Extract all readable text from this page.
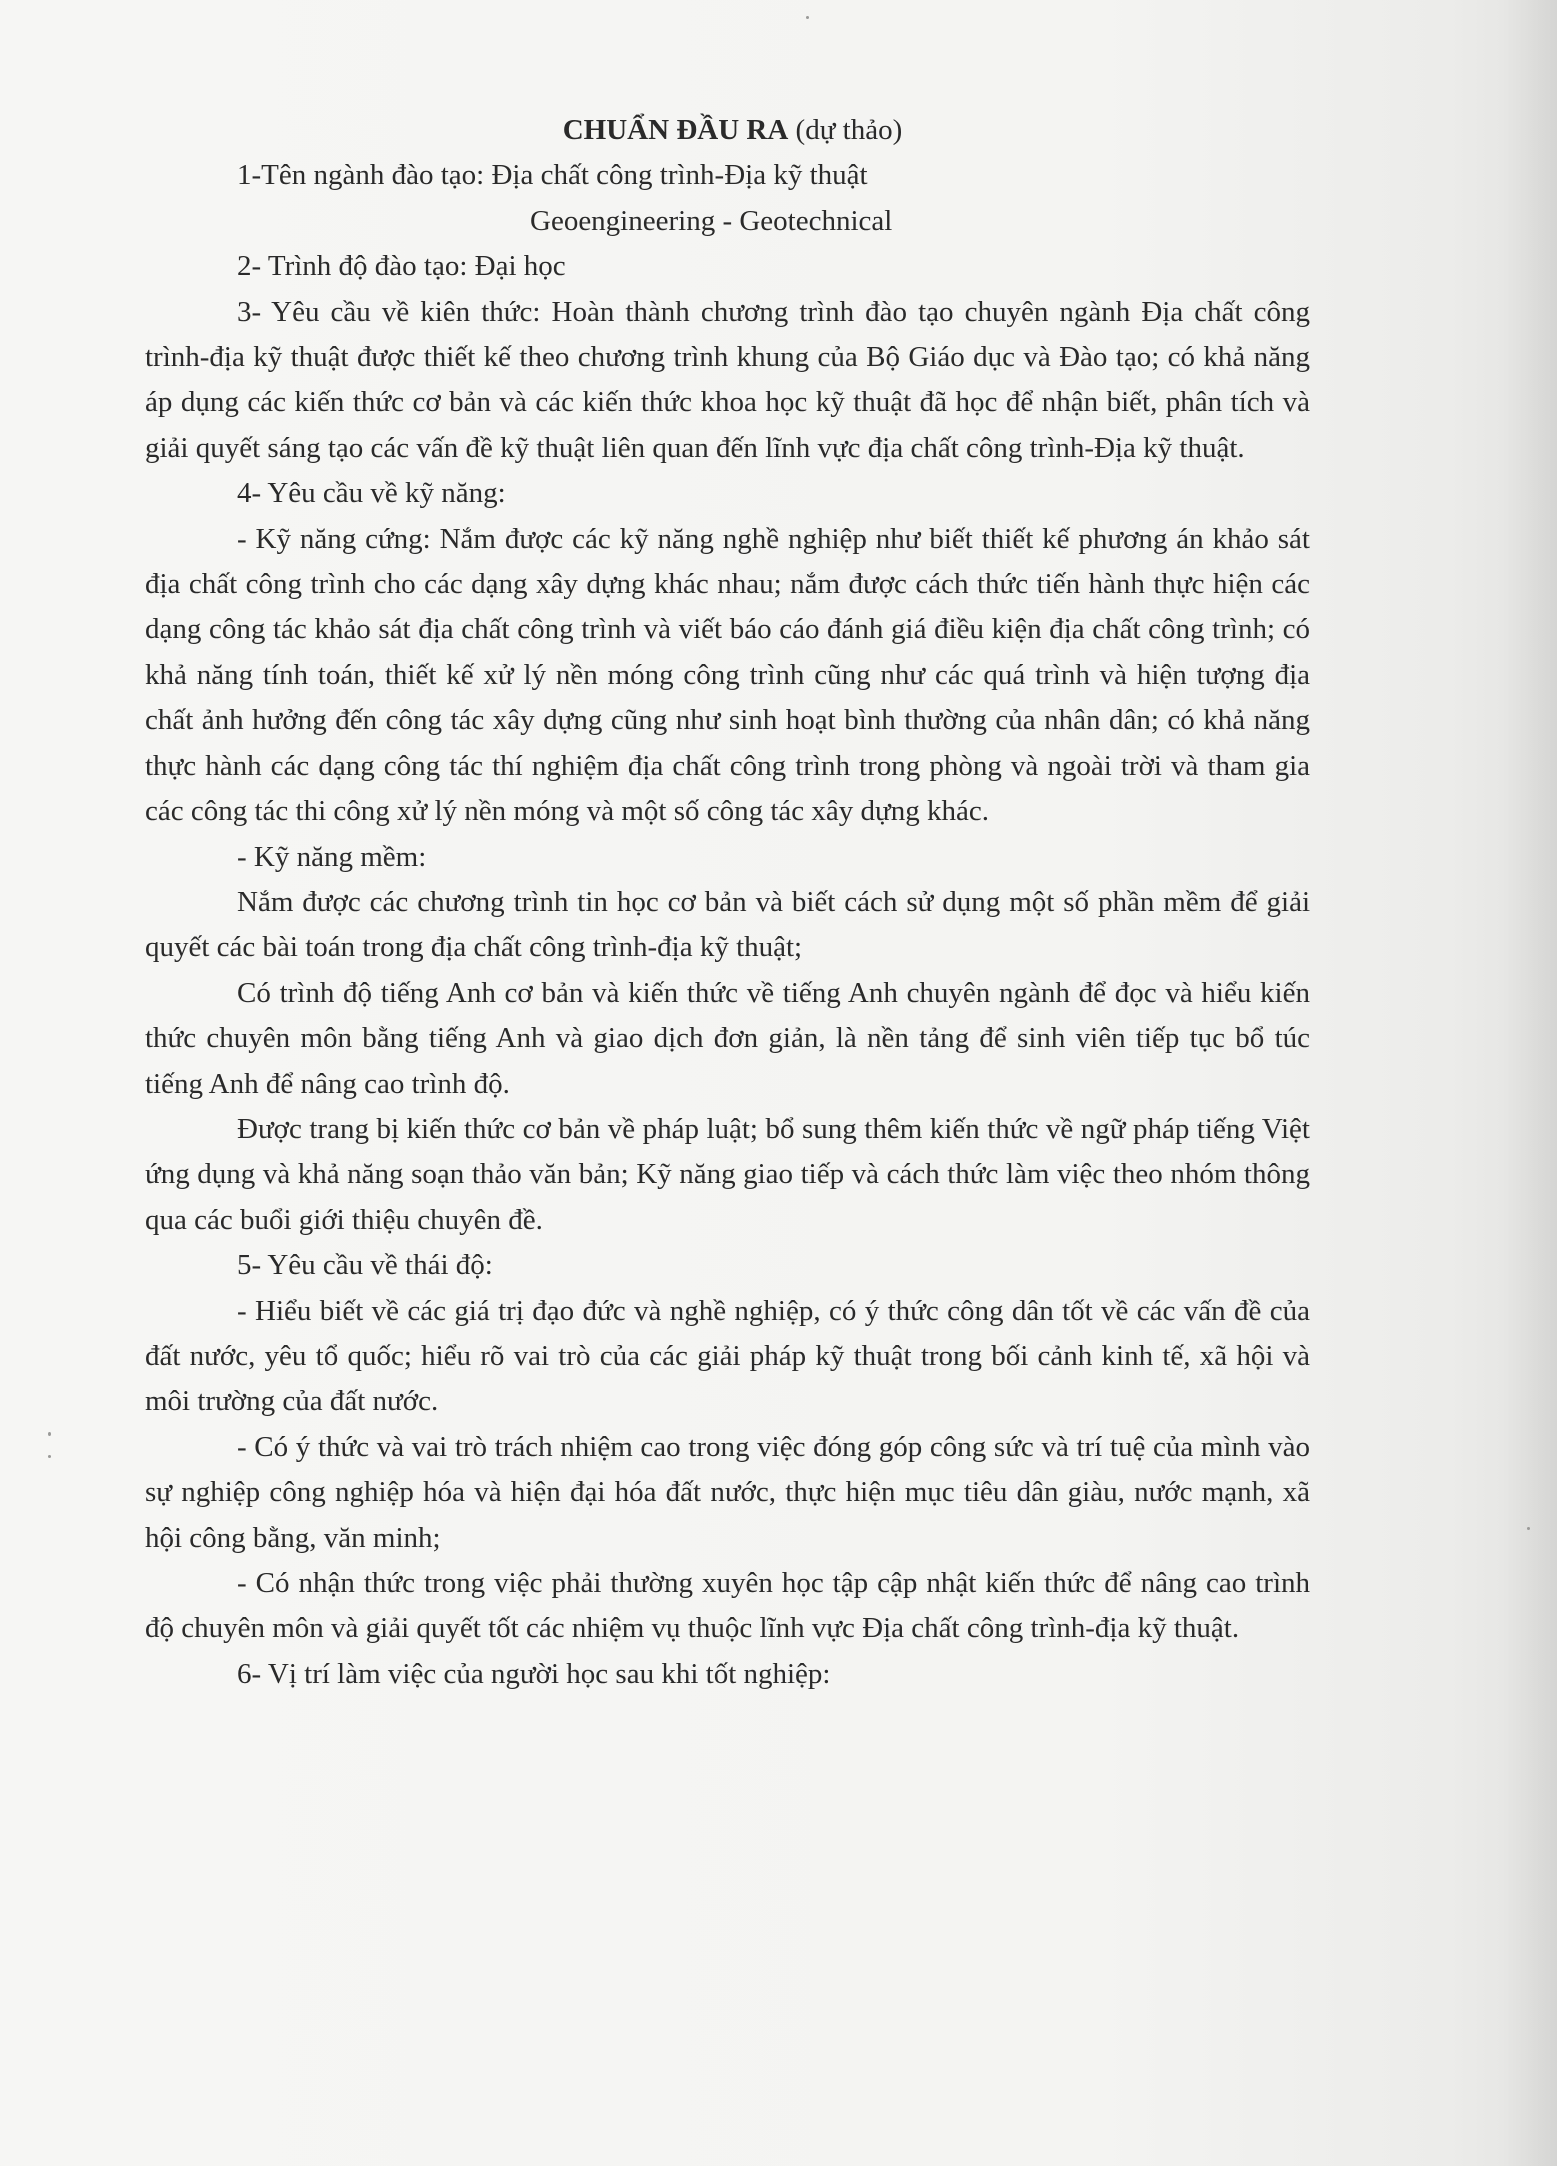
CHUẨN ĐẦU RA (dự thảo)

1-Tên ngành đào tạo: Địa chất công trình-Địa kỹ thuật

Geoengineering - Geotechnical

2- Trình độ đào tạo: Đại học

3- Yêu cầu về kiên thức: Hoàn thành chương trình đào tạo chuyên ngành Địa chất công trình-địa kỹ thuật được thiết kế theo chương trình khung của Bộ Giáo dục và Đào tạo; có khả năng áp dụng các kiến thức cơ bản và các kiến thức khoa học kỹ thuật đã học để nhận biết, phân tích và giải quyết sáng tạo các vấn đề kỹ thuật liên quan đến lĩnh vực địa chất công trình-Địa kỹ thuật.

4- Yêu cầu về kỹ năng:

- Kỹ năng cứng: Nắm được các kỹ năng nghề nghiệp như biết thiết kế phương án khảo sát địa chất công trình cho các dạng xây dựng khác nhau; nắm được cách thức tiến hành thực hiện các dạng công tác khảo sát địa chất công trình và viết báo cáo đánh giá điều kiện địa chất công trình; có khả năng tính toán, thiết kế xử lý nền móng công trình cũng như các quá trình và hiện tượng địa chất ảnh hưởng đến công tác xây dựng cũng như sinh hoạt bình thường của nhân dân; có khả năng thực hành các dạng công tác thí nghiệm địa chất công trình trong phòng và ngoài trời và tham gia các công tác thi công xử lý nền móng và một số công tác xây dựng khác.

- Kỹ năng mềm:

Nắm được các chương trình tin học cơ bản và biết cách sử dụng một số phần mềm để giải quyết các bài toán trong địa chất công trình-địa kỹ thuật;

Có trình độ tiếng Anh cơ bản và kiến thức về tiếng Anh chuyên ngành để đọc và hiểu kiến thức chuyên môn bằng tiếng Anh và giao dịch đơn giản, là nền tảng để sinh viên tiếp tục bổ túc tiếng Anh để nâng cao trình độ.

Được trang bị kiến thức cơ bản về pháp luật; bổ sung thêm kiến thức về ngữ pháp tiếng Việt ứng dụng và khả năng soạn thảo văn bản; Kỹ năng giao tiếp và cách thức làm việc theo nhóm thông qua các buổi giới thiệu chuyên đề.

5- Yêu cầu về thái độ:

- Hiểu biết về các giá trị đạo đức và nghề nghiệp, có ý thức công dân tốt về các vấn đề của đất nước, yêu tổ quốc; hiểu rõ vai trò của các giải pháp kỹ thuật trong bối cảnh kinh tế, xã hội và môi trường của đất nước.

- Có ý thức và vai trò trách nhiệm cao trong việc đóng góp công sức và trí tuệ của mình vào sự nghiệp công nghiệp hóa và hiện đại hóa đất nước, thực hiện mục tiêu dân giàu, nước mạnh, xã hội công bằng, văn minh;

- Có nhận thức trong việc phải thường xuyên học tập cập nhật kiến thức để nâng cao trình độ chuyên môn và giải quyết tốt các nhiệm vụ thuộc lĩnh vực Địa chất công trình-địa kỹ thuật.

6- Vị trí làm việc của người học sau khi tốt nghiệp:
